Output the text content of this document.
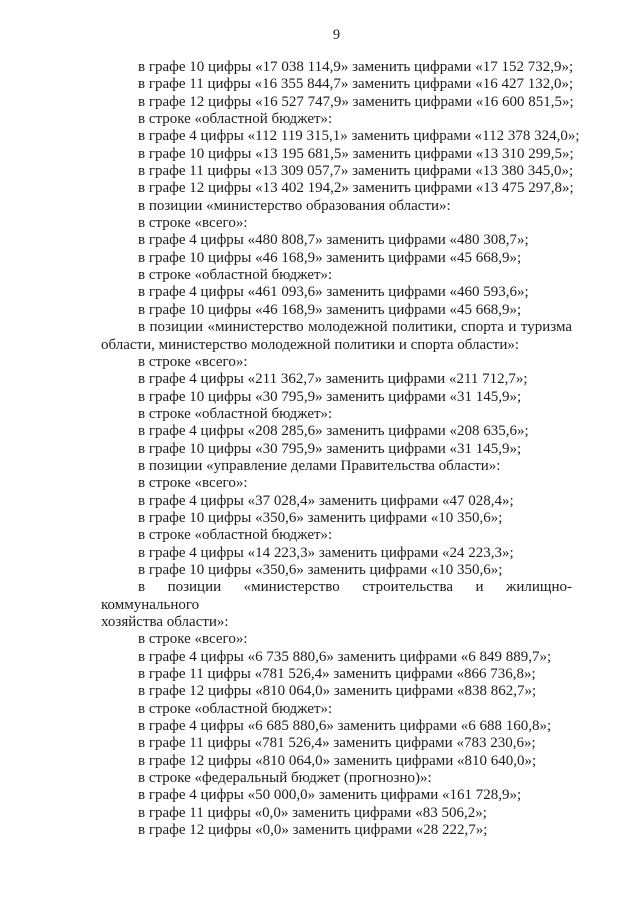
9
в графе 10 цифры «17 038 114,9» заменить цифрами «17 152 732,9»;
в графе 11 цифры «16 355 844,7» заменить цифрами «16 427 132,0»;
в графе 12 цифры «16 527 747,9» заменить цифрами «16 600 851,5»;
в строке «областной бюджет»:
в графе 4 цифры «112 119 315,1» заменить цифрами «112 378 324,0»;
в графе 10 цифры «13 195 681,5» заменить цифрами «13 310 299,5»;
в графе 11 цифры «13 309 057,7» заменить цифрами «13 380 345,0»;
в графе 12 цифры «13 402 194,2» заменить цифрами «13 475 297,8»;
в позиции «министерство образования области»:
в строке «всего»:
в графе 4 цифры «480 808,7» заменить цифрами «480 308,7»;
в графе 10 цифры «46 168,9» заменить цифрами «45 668,9»;
в строке «областной бюджет»:
в графе 4 цифры «461 093,6» заменить цифрами «460 593,6»;
в графе 10 цифры «46 168,9» заменить цифрами «45 668,9»;
в позиции «министерство молодежной политики, спорта и туризма
области, министерство молодежной политики и спорта области»:
в строке «всего»:
в графе 4 цифры «211 362,7» заменить цифрами «211 712,7»;
в графе 10 цифры «30 795,9» заменить цифрами «31 145,9»;
в строке «областной бюджет»:
в графе 4 цифры «208 285,6» заменить цифрами «208 635,6»;
в графе 10 цифры «30 795,9» заменить цифрами «31 145,9»;
в позиции «управление делами Правительства области»:
в строке «всего»:
в графе 4 цифры «37 028,4» заменить цифрами «47 028,4»;
в графе 10 цифры «350,6» заменить цифрами «10 350,6»;
в строке «областной бюджет»:
в графе 4 цифры «14 223,3» заменить цифрами «24 223,3»;
в графе 10 цифры «350,6» заменить цифрами «10 350,6»;
в позиции «министерство строительства и жилищно-коммунального
хозяйства области»:
в строке «всего»:
в графе 4 цифры «6 735 880,6» заменить цифрами «6 849 889,7»;
в графе 11 цифры «781 526,4» заменить цифрами «866 736,8»;
в графе 12 цифры «810 064,0» заменить цифрами «838 862,7»;
в строке «областной бюджет»:
в графе 4 цифры «6 685 880,6» заменить цифрами «6 688 160,8»;
в графе 11 цифры «781 526,4» заменить цифрами «783 230,6»;
в графе 12 цифры «810 064,0» заменить цифрами «810 640,0»;
в строке «федеральный бюджет (прогнозно)»:
в графе 4 цифры «50 000,0» заменить цифрами «161 728,9»;
в графе 11 цифры «0,0» заменить цифрами «83 506,2»;
в графе 12 цифры «0,0» заменить цифрами «28 222,7»;
